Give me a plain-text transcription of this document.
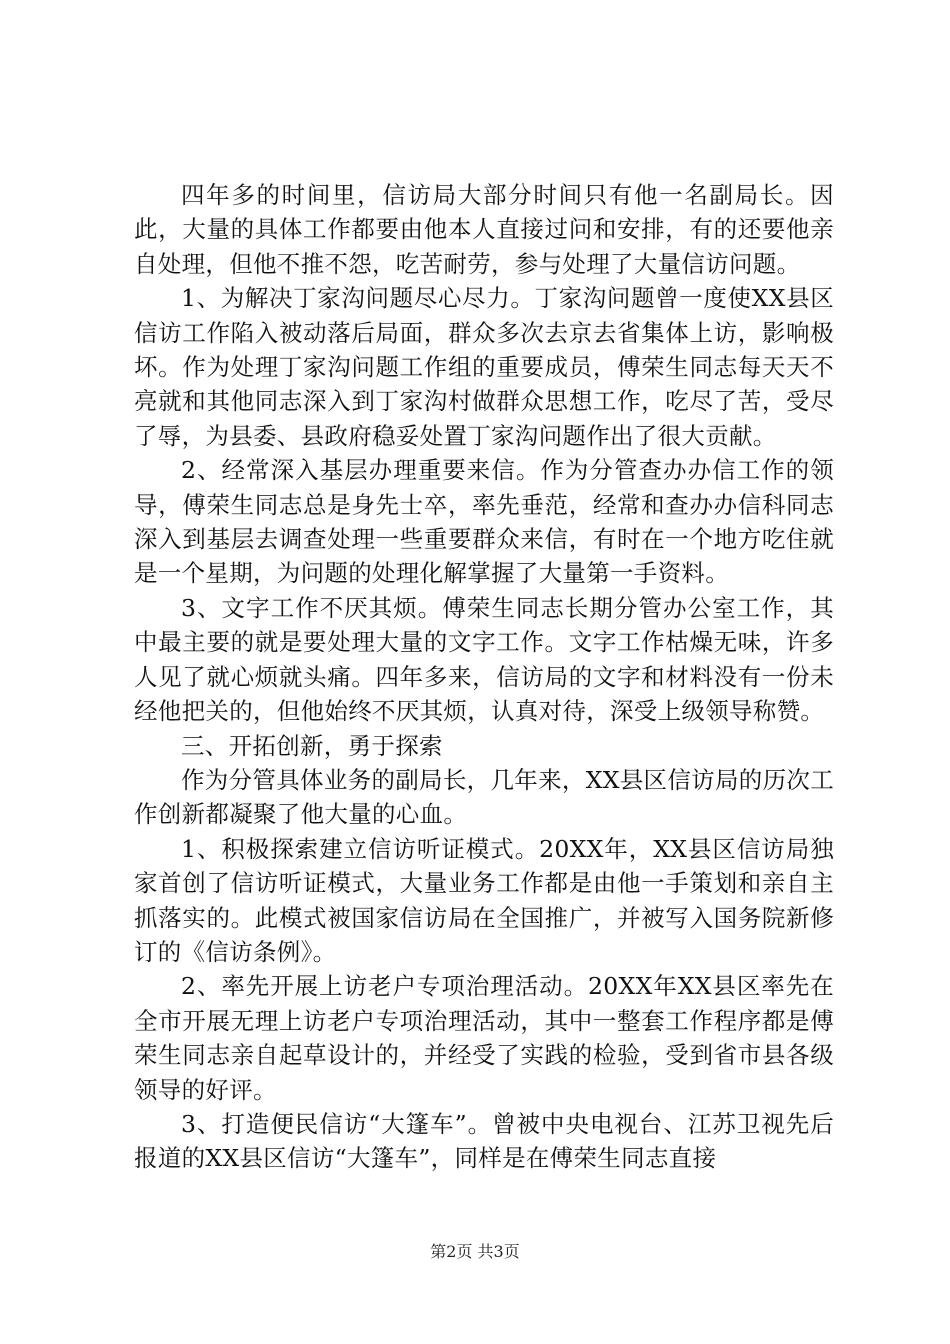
四年多的时间里，信访局大部分时间只有他一名副局长。因此，大量的具体工作都要由他本人直接过问和安排，有的还要他亲自处理，但他不推不怨，吃苦耐劳，参与处理了大量信访问题。

1、为解决丁家沟问题尽心尽力。丁家沟问题曾一度使XX县区信访工作陷入被动落后局面，群众多次去京去省集体上访，影响极坏。作为处理丁家沟问题工作组的重要成员，傅荣生同志每天天不亮就和其他同志深入到丁家沟村做群众思想工作，吃尽了苦，受尽了辱，为县委、县政府稳妥处置丁家沟问题作出了很大贡献。

2、经常深入基层办理重要来信。作为分管查办办信工作的领导，傅荣生同志总是身先士卒，率先垂范，经常和查办办信科同志深入到基层去调查处理一些重要群众来信，有时在一个地方吃住就是一个星期，为问题的处理化解掌握了大量第一手资料。

3、文字工作不厌其烦。傅荣生同志长期分管办公室工作，其中最主要的就是要处理大量的文字工作。文字工作枯燥无味，许多人见了就心烦就头痛。四年多来，信访局的文字和材料没有一份未经他把关的，但他始终不厌其烦，认真对待，深受上级领导称赞。

三、开拓创新，勇于探索

作为分管具体业务的副局长，几年来，XX县区信访局的历次工作创新都凝聚了他大量的心血。

1、积极探索建立信访听证模式。20XX年，XX县区信访局独家首创了信访听证模式，大量业务工作都是由他一手策划和亲自主抓落实的。此模式被国家信访局在全国推广，并被写入国务院新修订的《信访条例》。

2、率先开展上访老户专项治理活动。20XX年XX县区率先在全市开展无理上访老户专项治理活动，其中一整套工作程序都是傅荣生同志亲自起草设计的，并经受了实践的检验，受到省市县各级领导的好评。

3、打造便民信访“大篷车”。曾被中央电视台、江苏卫视先后报道的XX县区信访“大篷车”，同样是在傅荣生同志直接

第2页 共3页
